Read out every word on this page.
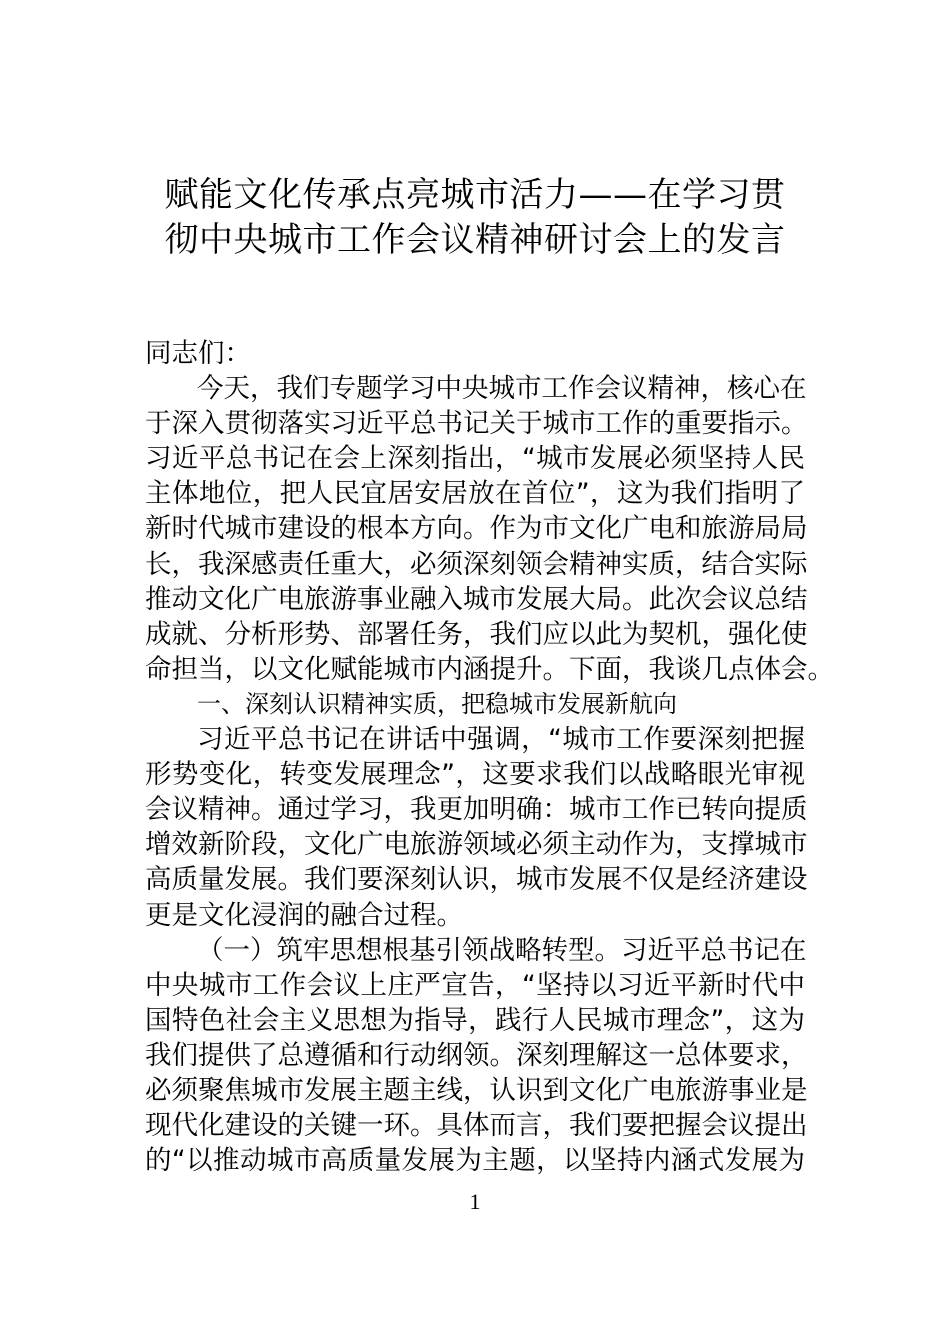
赋能文化传承点亮城市活力——在学习贯
彻中央城市工作会议精神研讨会上的发言
同志们：
今天，我们专题学习中央城市工作会议精神，核心在
于深入贯彻落实习近平总书记关于城市工作的重要指示。
习近平总书记在会上深刻指出，“城市发展必须坚持人民
主体地位，把人民宜居安居放在首位”，这为我们指明了
新时代城市建设的根本方向。作为市文化广电和旅游局局
长，我深感责任重大，必须深刻领会精神实质，结合实际
推动文化广电旅游事业融入城市发展大局。此次会议总结
成就、分析形势、部署任务，我们应以此为契机，强化使
命担当，以文化赋能城市内涵提升。下面，我谈几点体会。
一、深刻认识精神实质，把稳城市发展新航向
习近平总书记在讲话中强调，“城市工作要深刻把握
形势变化，转变发展理念”，这要求我们以战略眼光审视
会议精神。通过学习，我更加明确：城市工作已转向提质
增效新阶段，文化广电旅游领域必须主动作为，支撑城市
高质量发展。我们要深刻认识，城市发展不仅是经济建设
更是文化浸润的融合过程。
（一）筑牢思想根基引领战略转型。习近平总书记在
中央城市工作会议上庄严宣告，“坚持以习近平新时代中
国特色社会主义思想为指导，践行人民城市理念”，这为
我们提供了总遵循和行动纲领。深刻理解这一总体要求，
必须聚焦城市发展主题主线，认识到文化广电旅游事业是
现代化建设的关键一环。具体而言，我们要把握会议提出
的“以推动城市高质量发展为主题，以坚持内涵式发展为
1
